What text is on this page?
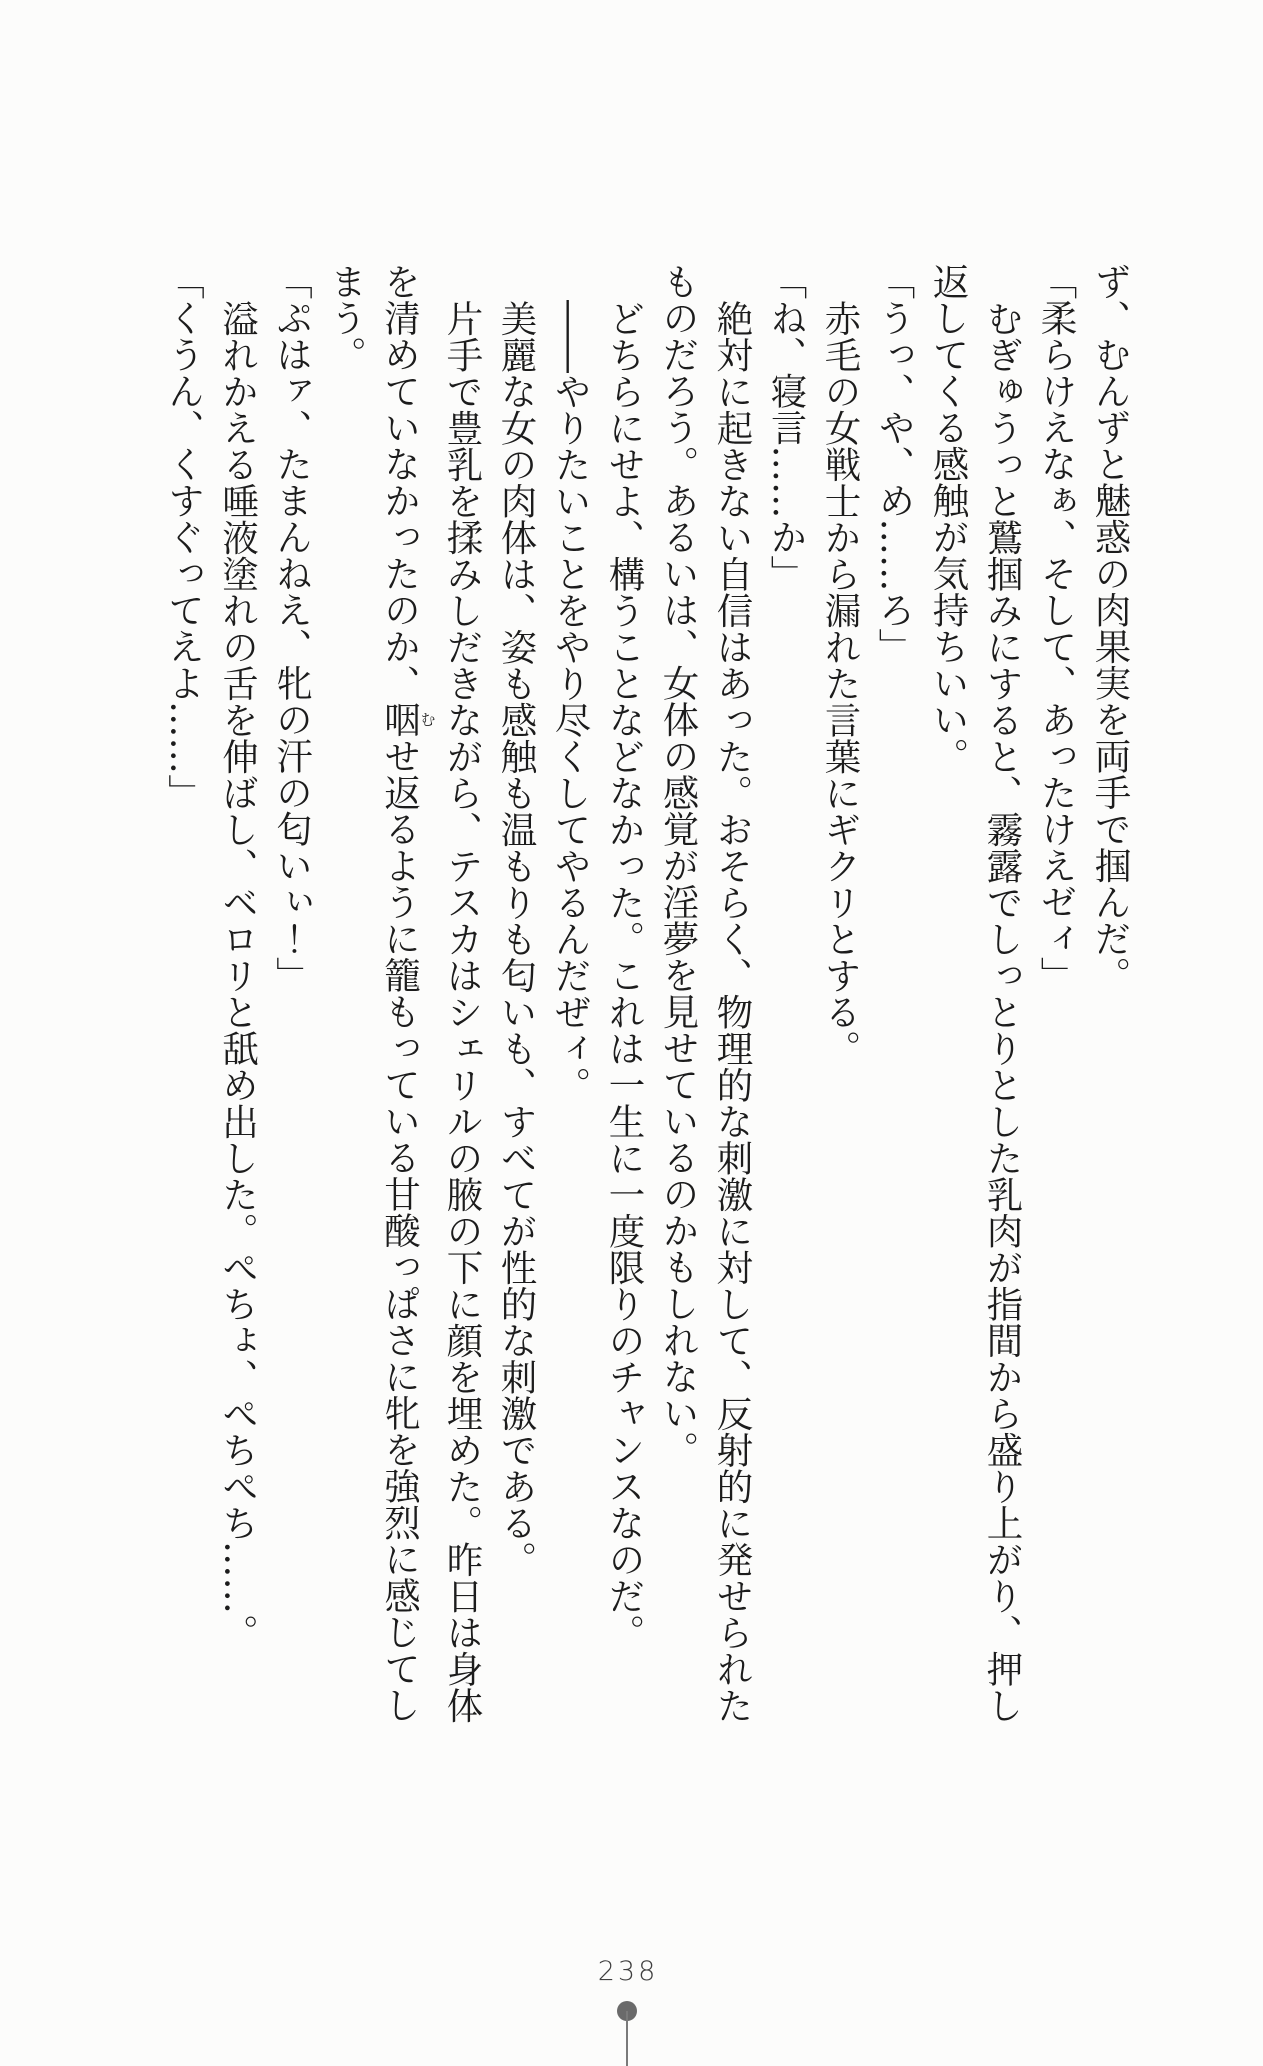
ず、むんずと魅惑の肉果実を両手で掴んだ。

「柔らけえなぁ、そして、あったけえゼィ」

むぎゅうっと鷲掴みにすると、霧露でしっとりとした乳肉が指間から盛り上がり、押し

返してくる感触が気持ちいい。

「うっ、や、め……ろ」

赤毛の女戦士から漏れた言葉にギクリとする。

「ね、寝言……か」

絶対に起きない自信はあった。おそらく、物理的な刺激に対して、反射的に発せられた

ものだろう。あるいは、女体の感覚が淫夢を見せているのかもしれない。

どちらにせよ、構うことなどなかった。これは一生に一度限りのチャンスなのだ。

――やりたいことをやり尽くしてやるんだぜィ。

美麗な女の肉体は、姿も感触も温もりも匂いも、すべてが性的な刺激である。

片手で豊乳を揉みしだきながら、テスカはシェリルの腋の下に顔を埋めた。昨日は身体

を清めていなかったのか、咽むせ返るように籠もっている甘酸っぱさに牝を強烈に感じてし

まう。

「ぷはァ、たまんねえ、牝の汗の匂いぃ！」

溢れかえる唾液塗れの舌を伸ばし、ベロリと舐め出した。ぺちょ、ぺちぺち……。

「くうん、くすぐってえよ……」

238
